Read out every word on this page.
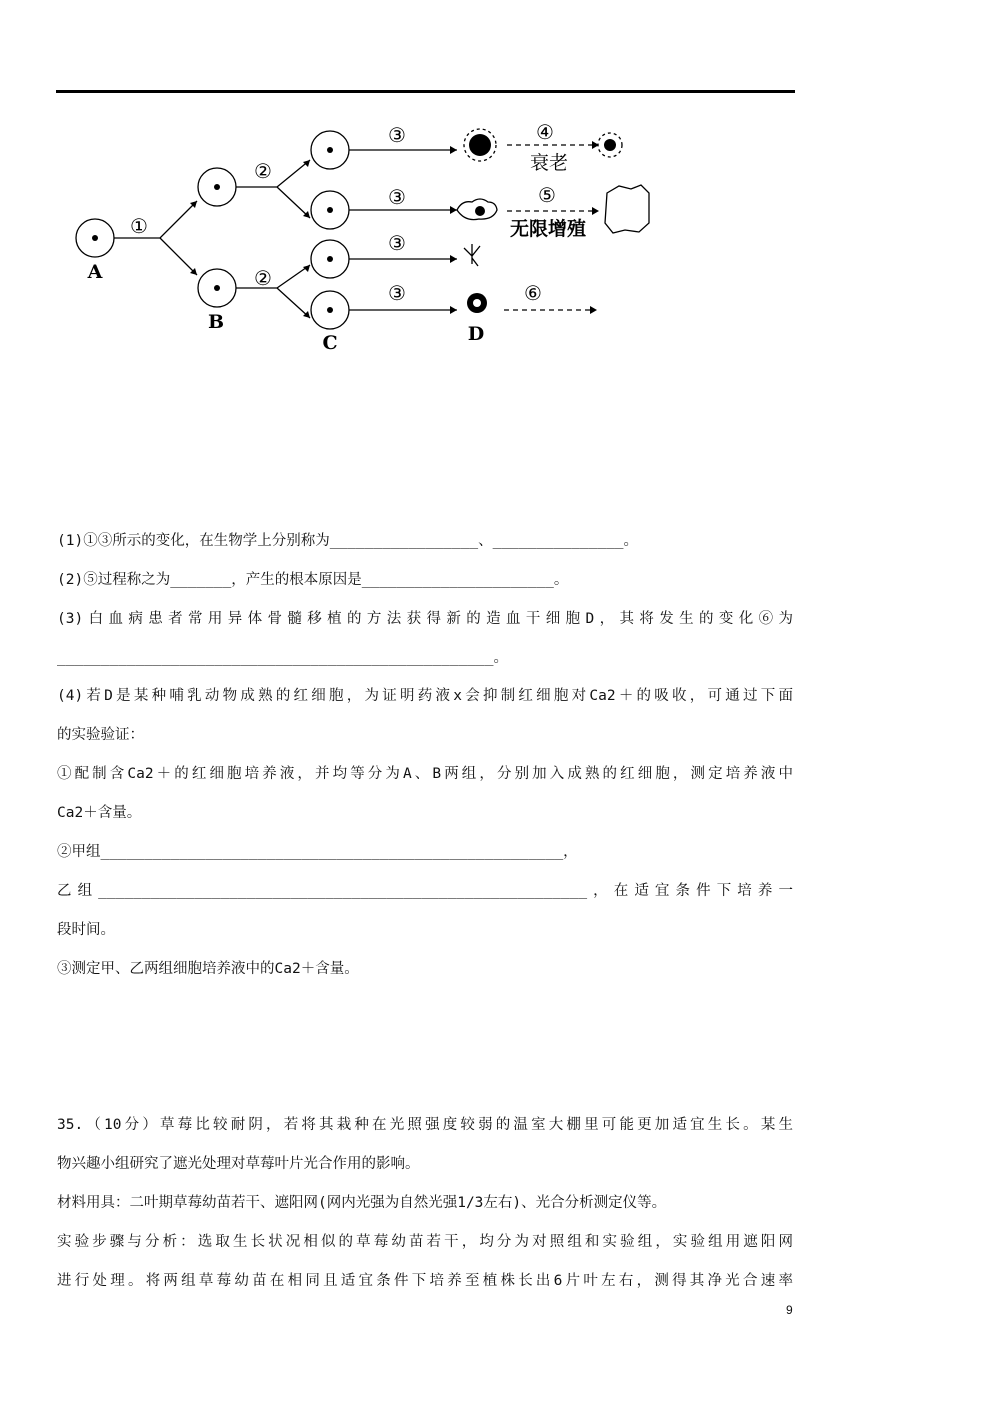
A
B
C	D
①
②
②
③
③
③
③
④
⑤
⑥
衰老
无限增殖
(1)①③所示的变化，在生物学上分别称为_________________、_______________。
(2)⑤过程称之为_______，产生的根本原因是______________________。
(3)白血病患者常用异体骨髓移植的方法获得新的造血干细胞D，其将发生的变化⑥为
__________________________________________________。
(4)若D是某种哺乳动物成熟的红细胞，为证明药液x会抑制红细胞对Ca2＋的吸收，可通过下面
的实验验证：
①配制含Ca2＋的红细胞培养液，并均等分为A、B两组，分别加入成熟的红细胞，测定培养液中
Ca2＋含量。
②甲组_____________________________________________________，
乙组________________________________________________________，在适宜条件下培养一
段时间。
③测定甲、乙两组细胞培养液中的Ca2＋含量。
35.（10分）草莓比较耐阴，若将其栽种在光照强度较弱的温室大棚里可能更加适宜生长。某生
物兴趣小组研究了遮光处理对草莓叶片光合作用的影响。
材料用具：二叶期草莓幼苗若干、遮阳网(网内光强为自然光强1/3左右)、光合分析测定仪等。
实验步骤与分析：选取生长状况相似的草莓幼苗若干，均分为对照组和实验组，实验组用遮阳网
进行处理。将两组草莓幼苗在相同且适宜条件下培养至植株长出6片叶左右，测得其净光合速率
9
